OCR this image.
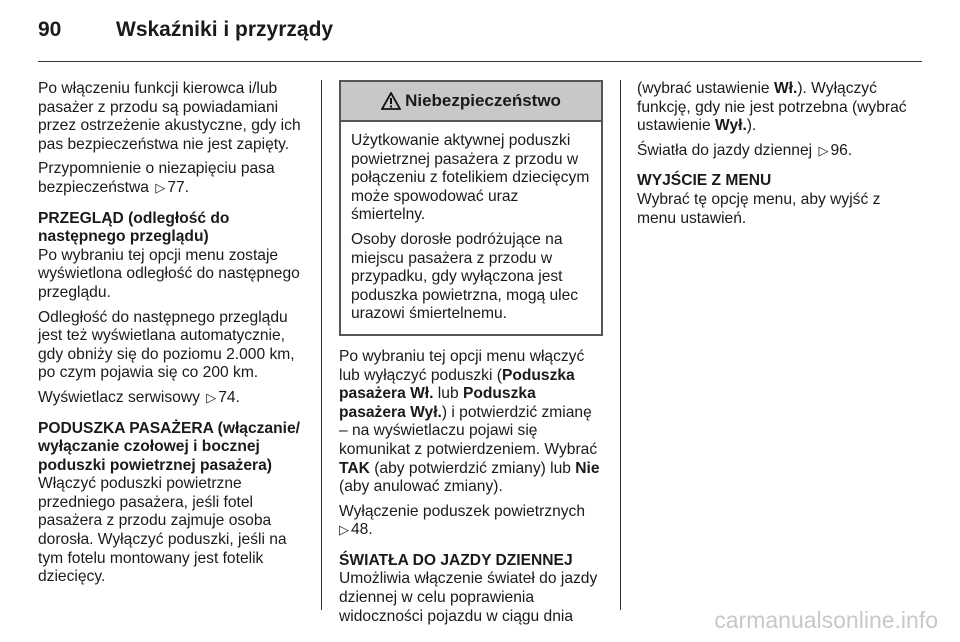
90	Wskaźniki i przyrządy

Po włączeniu funkcji kierowca i/lub pasażer z przodu są powiadamiani przez ostrzeżenie akustyczne, gdy ich pas bezpieczeństwa nie jest zapięty.

Przypomnienie o niezapięciu pasa bezpieczeństwa ▷ 77.

PRZEGLĄD (odległość do następnego przeglądu)

Po wybraniu tej opcji menu zostaje wyświetlona odległość do następnego przeglądu.

Odległość do następnego przeglądu jest też wyświetlana automatycznie, gdy obniży się do poziomu 2.000 km, po czym pojawia się co 200 km.

Wyświetlacz serwisowy ▷ 74.

PODUSZKA PASAŻERA (włączanie/ wyłączanie czołowej i bocznej poduszki powietrznej pasażera)

Włączyć poduszki powietrzne przedniego pasażera, jeśli fotel pasażera z przodu zajmuje osoba dorosła. Wyłączyć poduszki, jeśli na tym fotelu montowany jest fotelik dziecięcy.

Niebezpieczeństwo

Użytkowanie aktywnej poduszki powietrznej pasażera z przodu w połączeniu z fotelikiem dziecięcym może spowodować uraz śmiertelny.

Osoby dorosłe podróżujące na miejscu pasażera z przodu w przypadku, gdy wyłączona jest poduszka powietrzna, mogą ulec urazowi śmiertelnemu.

Po wybraniu tej opcji menu włączyć lub wyłączyć poduszki (Poduszka pasażera Wł. lub Poduszka pasażera Wył.) i potwierdzić zmianę – na wyświetlaczu pojawi się komunikat z potwierdzeniem. Wybrać TAK (aby potwierdzić zmiany) lub Nie (aby anulować zmiany).

Wyłączenie poduszek powietrznych
▷ 48.

ŚWIATŁA DO JAZDY DZIENNEJ

Umożliwia włączenie świateł do jazdy dziennej w celu poprawienia widoczności pojazdu w ciągu dnia

(wybrać ustawienie Wł.). Wyłączyć funkcję, gdy nie jest potrzebna (wybrać ustawienie Wył.).

Światła do jazdy dziennej ▷ 96.

WYJŚCIE Z MENU

Wybrać tę opcję menu, aby wyjść z menu ustawień.

carmanualsonline.info
